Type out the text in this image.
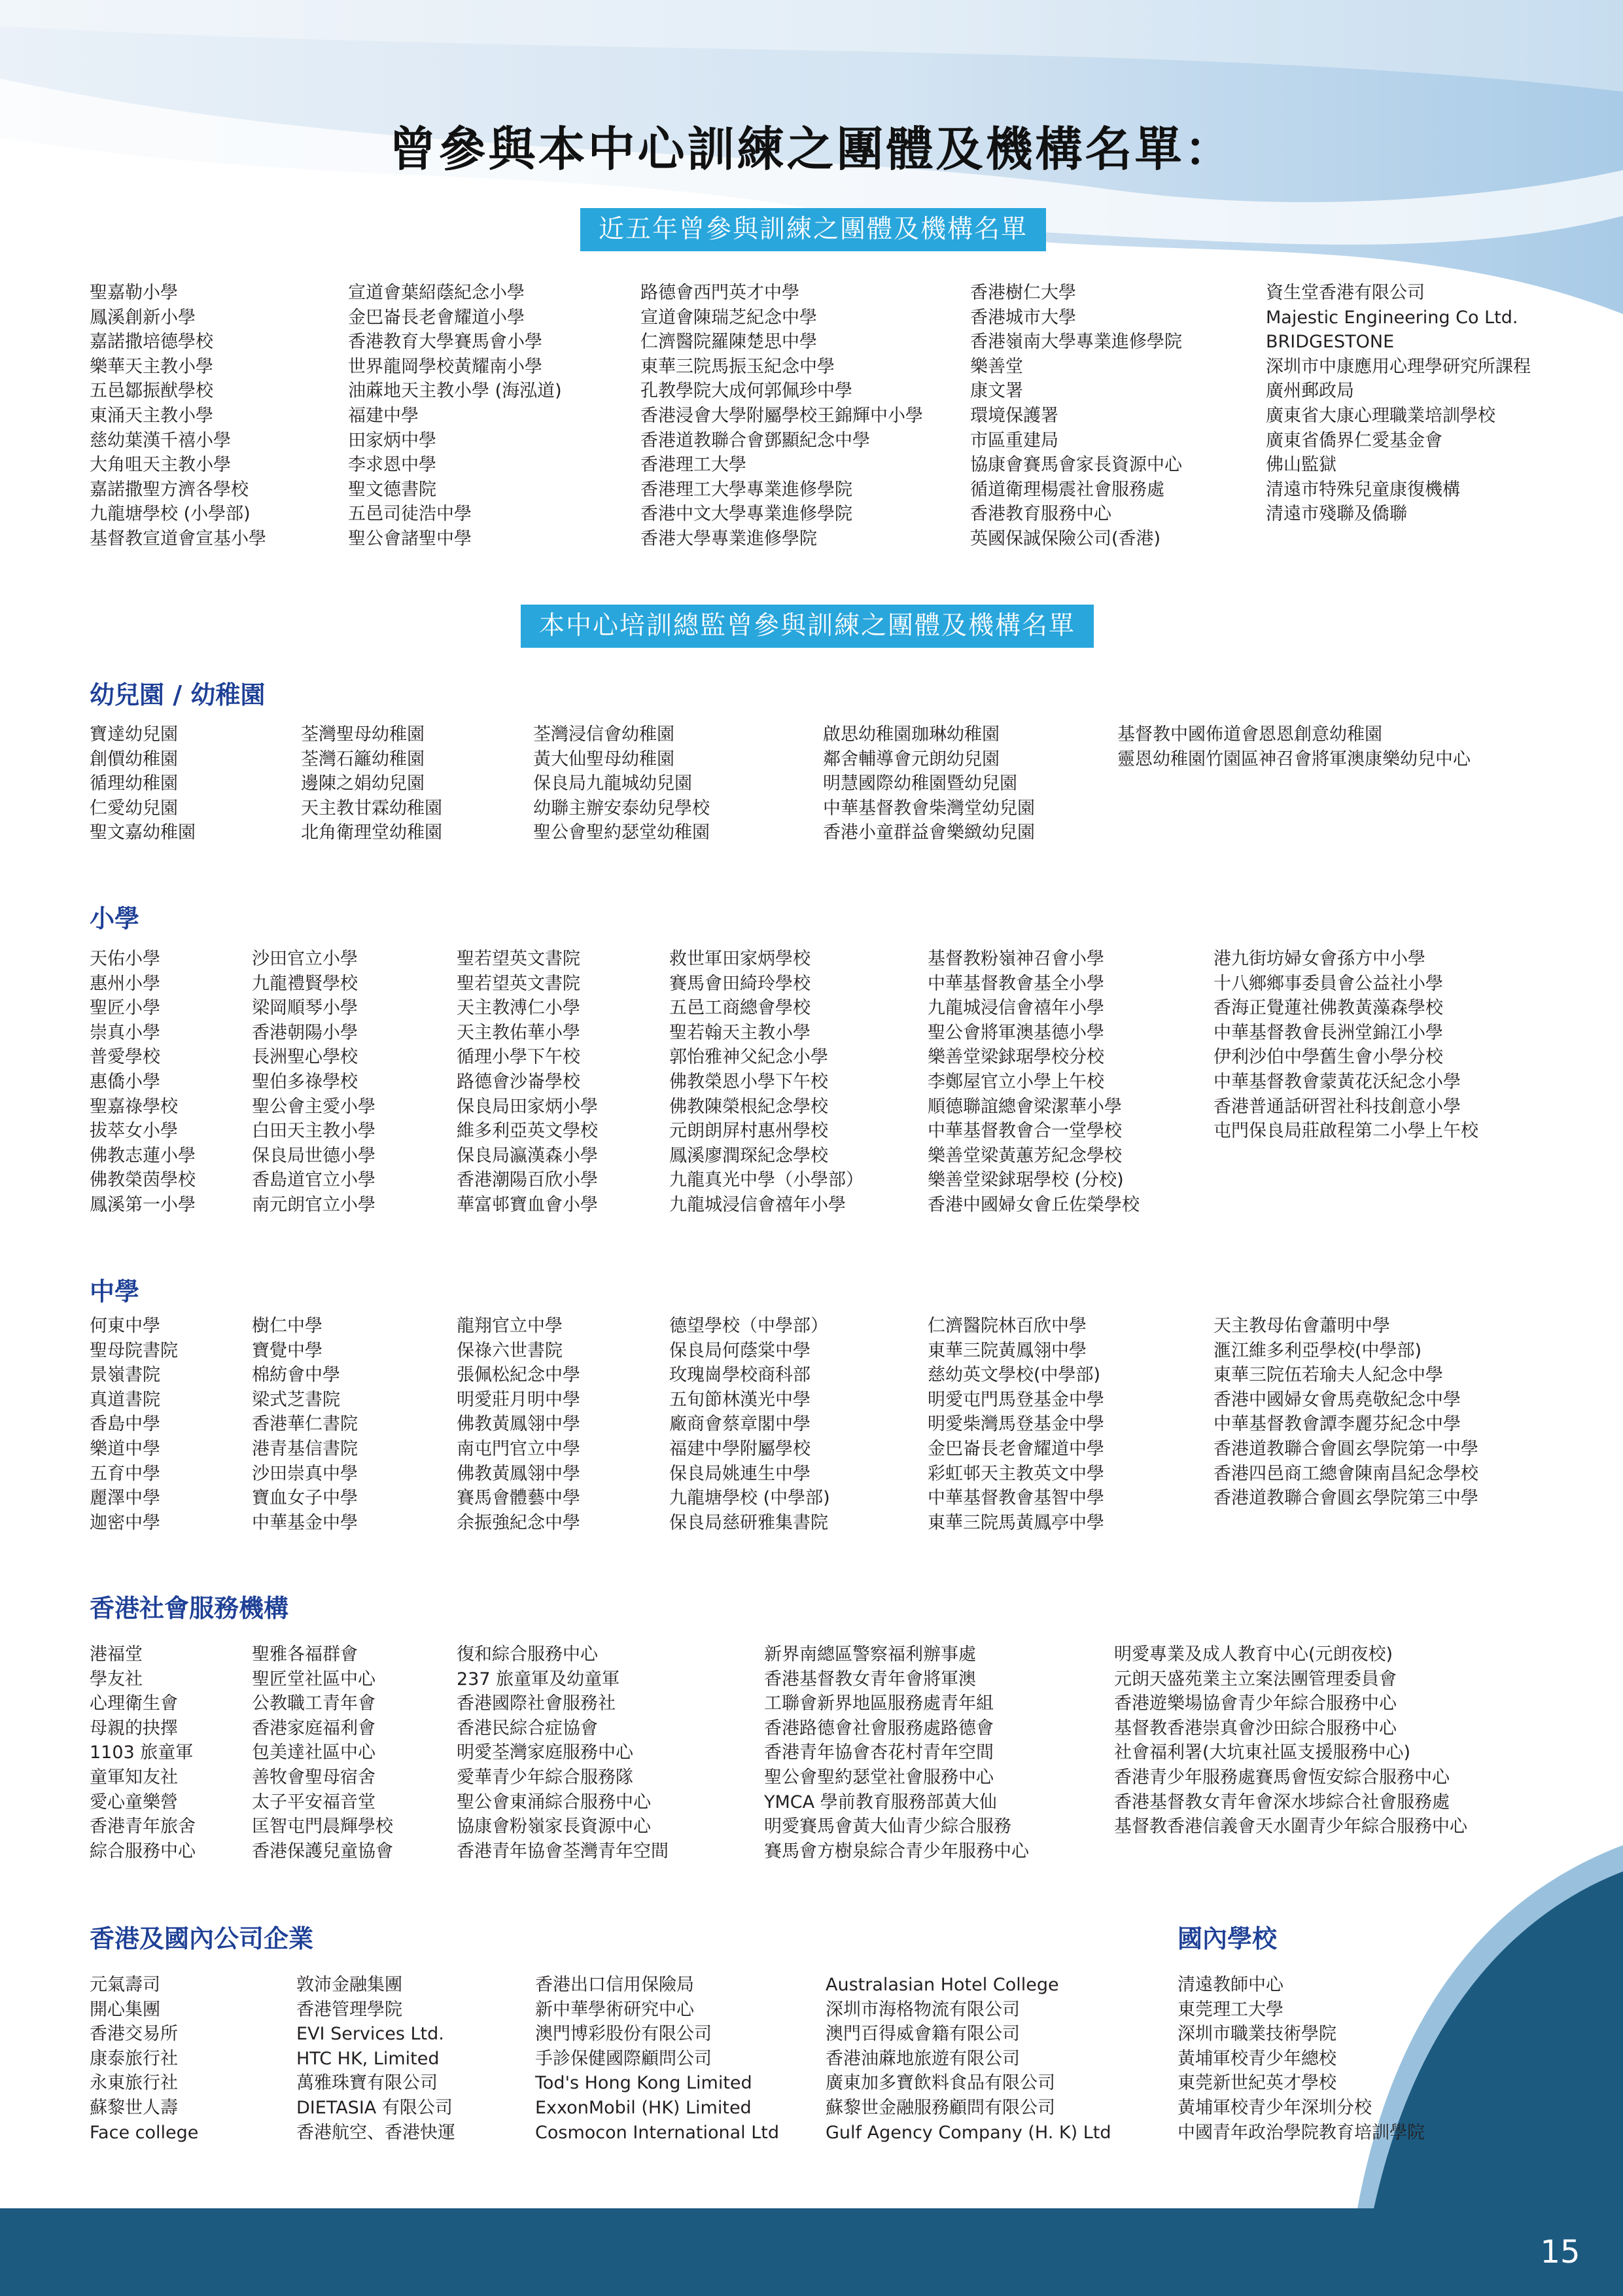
曾參與本中心訓練之團體及機構名單：
近五年曾參與訓練之團體及機構名單
聖嘉勒小學
鳳溪創新小學
嘉諾撒培德學校
樂華天主教小學
五邑鄒振猷學校
東涌天主教小學
慈幼葉漢千禧小學
大角咀天主教小學
嘉諾撒聖方濟各學校
九龍塘學校 (小學部)
基督教宣道會宣基小學
宣道會葉紹蔭紀念小學
金巴崙長老會耀道小學
香港教育大學賽馬會小學
世界龍岡學校黃耀南小學
油蔴地天主教小學 (海泓道)
福建中學
田家炳中學
李求恩中學
聖文德書院
五邑司徒浩中學
聖公會諸聖中學
路德會西門英才中學
宣道會陳瑞芝紀念中學
仁濟醫院羅陳楚思中學
東華三院馬振玉紀念中學
孔教學院大成何郭佩珍中學
香港浸會大學附屬學校王錦輝中小學
香港道教聯合會鄧顯紀念中學
香港理工大學
香港理工大學專業進修學院
香港中文大學專業進修學院
香港大學專業進修學院
香港樹仁大學
香港城市大學
香港嶺南大學專業進修學院
樂善堂
康文署
環境保護署
市區重建局
協康會賽馬會家長資源中心
循道衛理楊震社會服務處
香港教育服務中心
英國保誠保險公司(香港)
資生堂香港有限公司
Majestic Engineering Co Ltd.
BRIDGESTONE
深圳市中康應用心理學研究所課程
廣州郵政局
廣東省大康心理職業培訓學校
廣東省僑界仁愛基金會
佛山監獄
清遠市特殊兒童康復機構
清遠市殘聯及僑聯
本中心培訓總監曾參與訓練之團體及機構名單
幼兒園 / 幼稚園
寶達幼兒園
創價幼稚園
循理幼稚園
仁愛幼兒園
聖文嘉幼稚園
荃灣聖母幼稚園
荃灣石籬幼稚園
邊陳之娟幼兒園
天主教甘霖幼稚園
北角衛理堂幼稚園
荃灣浸信會幼稚園
黃大仙聖母幼稚園
保良局九龍城幼兒園
幼聯主辦安泰幼兒學校
聖公會聖約瑟堂幼稚園
啟思幼稚園珈琳幼稚園
鄰舍輔導會元朗幼兒園
明慧國際幼稚園暨幼兒園
中華基督教會柴灣堂幼兒園
香港小童群益會樂緻幼兒園
基督教中國佈道會恩恩創意幼稚園
靈恩幼稚園竹園區神召會將軍澳康樂幼兒中心
小學
天佑小學
惠州小學
聖匠小學
崇真小學
普愛學校
惠僑小學
聖嘉祿學校
拔萃女小學
佛教志蓮小學
佛教榮茵學校
鳳溪第一小學
沙田官立小學
九龍禮賢學校
梁岡順琴小學
香港朝陽小學
長洲聖心學校
聖伯多祿學校
聖公會主愛小學
白田天主教小學
保良局世德小學
香島道官立小學
南元朗官立小學
聖若望英文書院
聖若望英文書院
天主教溥仁小學
天主教佑華小學
循理小學下午校
路德會沙崙學校
保良局田家炳小學
維多利亞英文學校
保良局瀛漢森小學
香港潮陽百欣小學
華富邨寶血會小學
救世軍田家炳學校
賽馬會田綺玲學校
五邑工商總會學校
聖若翰天主教小學
郭怡雅神父紀念小學
佛教榮恩小學下午校
佛教陳榮根紀念學校
元朗朗屏村惠州學校
鳳溪廖潤琛紀念學校
九龍真光中學（小學部）
九龍城浸信會禧年小學
基督教粉嶺神召會小學
中華基督教會基全小學
九龍城浸信會禧年小學
聖公會將軍澳基德小學
樂善堂梁銶琚學校分校
李鄭屋官立小學上午校
順德聯誼總會梁潔華小學
中華基督教會合一堂學校
樂善堂梁黃蕙芳紀念學校
樂善堂梁銶琚學校 (分校)
香港中國婦女會丘佐榮學校
港九街坊婦女會孫方中小學
十八鄉鄉事委員會公益社小學
香海正覺蓮社佛教黃藻森學校
中華基督教會長洲堂錦江小學
伊利沙伯中學舊生會小學分校
中華基督教會蒙黃花沃紀念小學
香港普通話研習社科技創意小學
屯門保良局莊啟程第二小學上午校
中學
何東中學
聖母院書院
景嶺書院
真道書院
香島中學
樂道中學
五育中學
麗澤中學
迦密中學
樹仁中學
寶覺中學
棉紡會中學
梁式芝書院
香港華仁書院
港青基信書院
沙田崇真中學
寶血女子中學
中華基金中學
龍翔官立中學
保祿六世書院
張佩松紀念中學
明愛莊月明中學
佛教黃鳳翎中學
南屯門官立中學
佛教黃鳳翎中學
賽馬會體藝中學
余振強紀念中學
德望學校（中學部）
保良局何蔭棠中學
玫瑰崗學校商科部
五旬節林漢光中學
廠商會蔡章閣中學
福建中學附屬學校
保良局姚連生中學
九龍塘學校 (中學部)
保良局慈研雅集書院
仁濟醫院林百欣中學
東華三院黃鳳翎中學
慈幼英文學校(中學部)
明愛屯門馬登基金中學
明愛柴灣馬登基金中學
金巴崙長老會耀道中學
彩虹邨天主教英文中學
中華基督教會基智中學
東華三院馬黃鳳亭中學
天主教母佑會蕭明中學
滙江維多利亞學校(中學部)
東華三院伍若瑜夫人紀念中學
香港中國婦女會馬堯敬紀念中學
中華基督教會譚李麗芬紀念中學
香港道教聯合會圓玄學院第一中學
香港四邑商工總會陳南昌紀念學校
香港道教聯合會圓玄學院第三中學
香港社會服務機構
港福堂
學友社
心理衛生會
母親的抉擇
1103 旅童軍
童軍知友社
愛心童樂營
香港青年旅舍
綜合服務中心
聖雅各福群會
聖匠堂社區中心
公教職工青年會
香港家庭福利會
包美達社區中心
善牧會聖母宿舍
太子平安福音堂
匡智屯門晨輝學校
香港保護兒童協會
復和綜合服務中心
237 旅童軍及幼童軍
香港國際社會服務社
香港民綜合症協會
明愛荃灣家庭服務中心
愛華青少年綜合服務隊
聖公會東涌綜合服務中心
協康會粉嶺家長資源中心
香港青年協會荃灣青年空間
新界南總區警察福利辦事處
香港基督教女青年會將軍澳
工聯會新界地區服務處青年組
香港路德會社會服務處路德會
香港青年協會杏花村青年空間
聖公會聖約瑟堂社會服務中心
YMCA 學前教育服務部黃大仙
明愛賽馬會黃大仙青少綜合服務
賽馬會方樹泉綜合青少年服務中心
明愛專業及成人教育中心(元朗夜校)
元朗天盛苑業主立案法團管理委員會
香港遊樂場協會青少年綜合服務中心
基督教香港崇真會沙田綜合服務中心
社會福利署(大坑東社區支援服務中心)
香港青少年服務處賽馬會恆安綜合服務中心
香港基督教女青年會深水埗綜合社會服務處
基督教香港信義會天水圍青少年綜合服務中心
香港及國內公司企業
元氣壽司
開心集團
香港交易所
康泰旅行社
永東旅行社
蘇黎世人壽
Face college
敦沛金融集團
香港管理學院
EVI Services Ltd.
HTC HK, Limited
萬雅珠寶有限公司
DIETASIA 有限公司
香港航空、香港快運
香港出口信用保險局
新中華學術研究中心
澳門博彩股份有限公司
手診保健國際顧問公司
Tod's Hong Kong Limited
ExxonMobil (HK) Limited
Cosmocon International Ltd
Australasian Hotel College
深圳市海格物流有限公司
澳門百得威會籍有限公司
香港油蔴地旅遊有限公司
廣東加多寶飲料食品有限公司
蘇黎世金融服務顧問有限公司
Gulf Agency Company (H. K) Ltd
國內學校
清遠教師中心
東莞理工大學
深圳市職業技術學院
黃埔軍校青少年總校
東莞新世紀英才學校
黃埔軍校青少年深圳分校
中國青年政治學院教育培訓學院
15
